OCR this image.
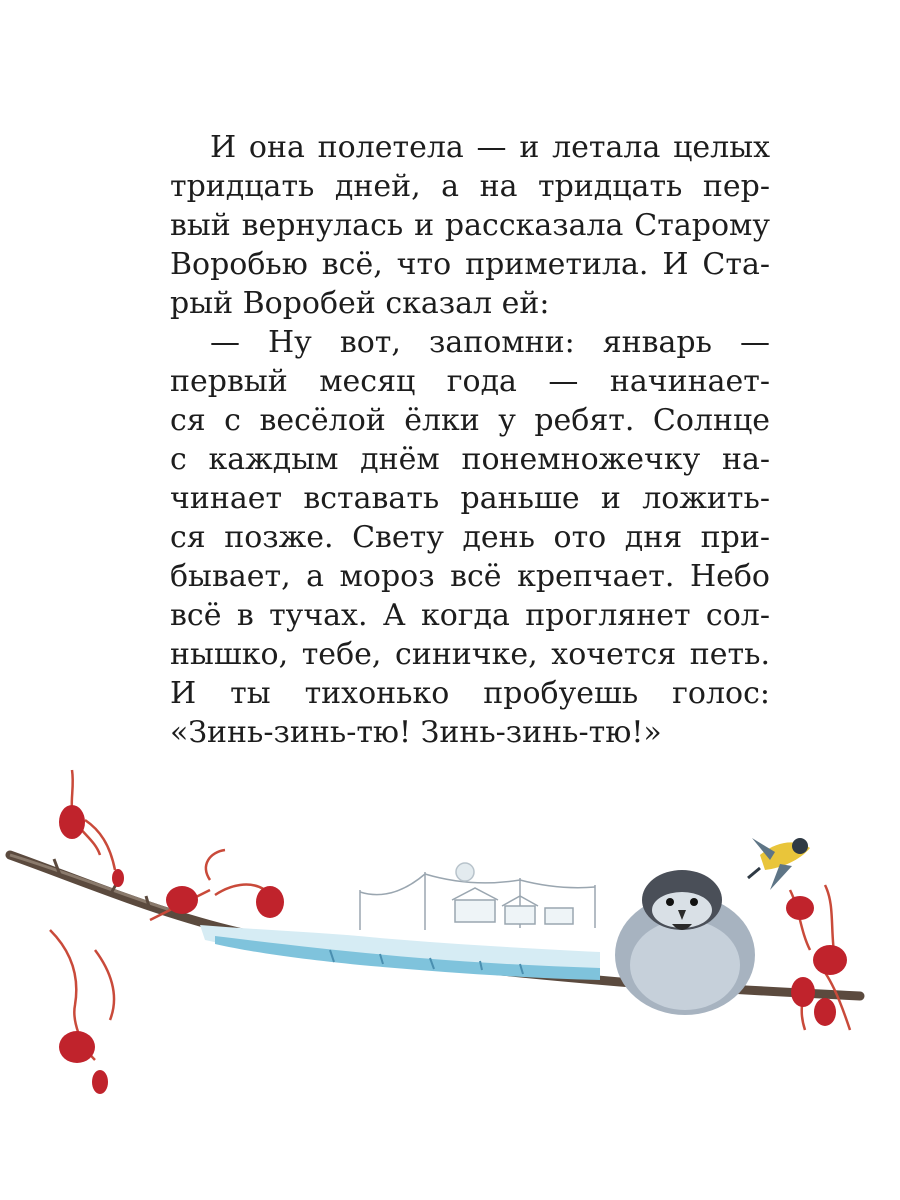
И она полетела — и летала целых
тридцать дней, а на тридцать пер-
вый вернулась и рассказала Старому
Воробью всё, что приметила. И Ста-
рый Воробей сказал ей:
— Ну вот, запомни: январь —
первый месяц года — начинает-
ся с весёлой ёлки у ребят. Солнце
с каждым днём понемножечку на-
чинает вставать раньше и ложить-
ся позже. Свету день ото дня при-
бывает, а мороз всё крепчает. Небо
всё в тучах. А когда проглянет сол-
нышко, тебе, синичке, хочется петь.
И ты тихонько пробуешь голос:
«Зинь-зинь-тю! Зинь-зинь-тю!»
